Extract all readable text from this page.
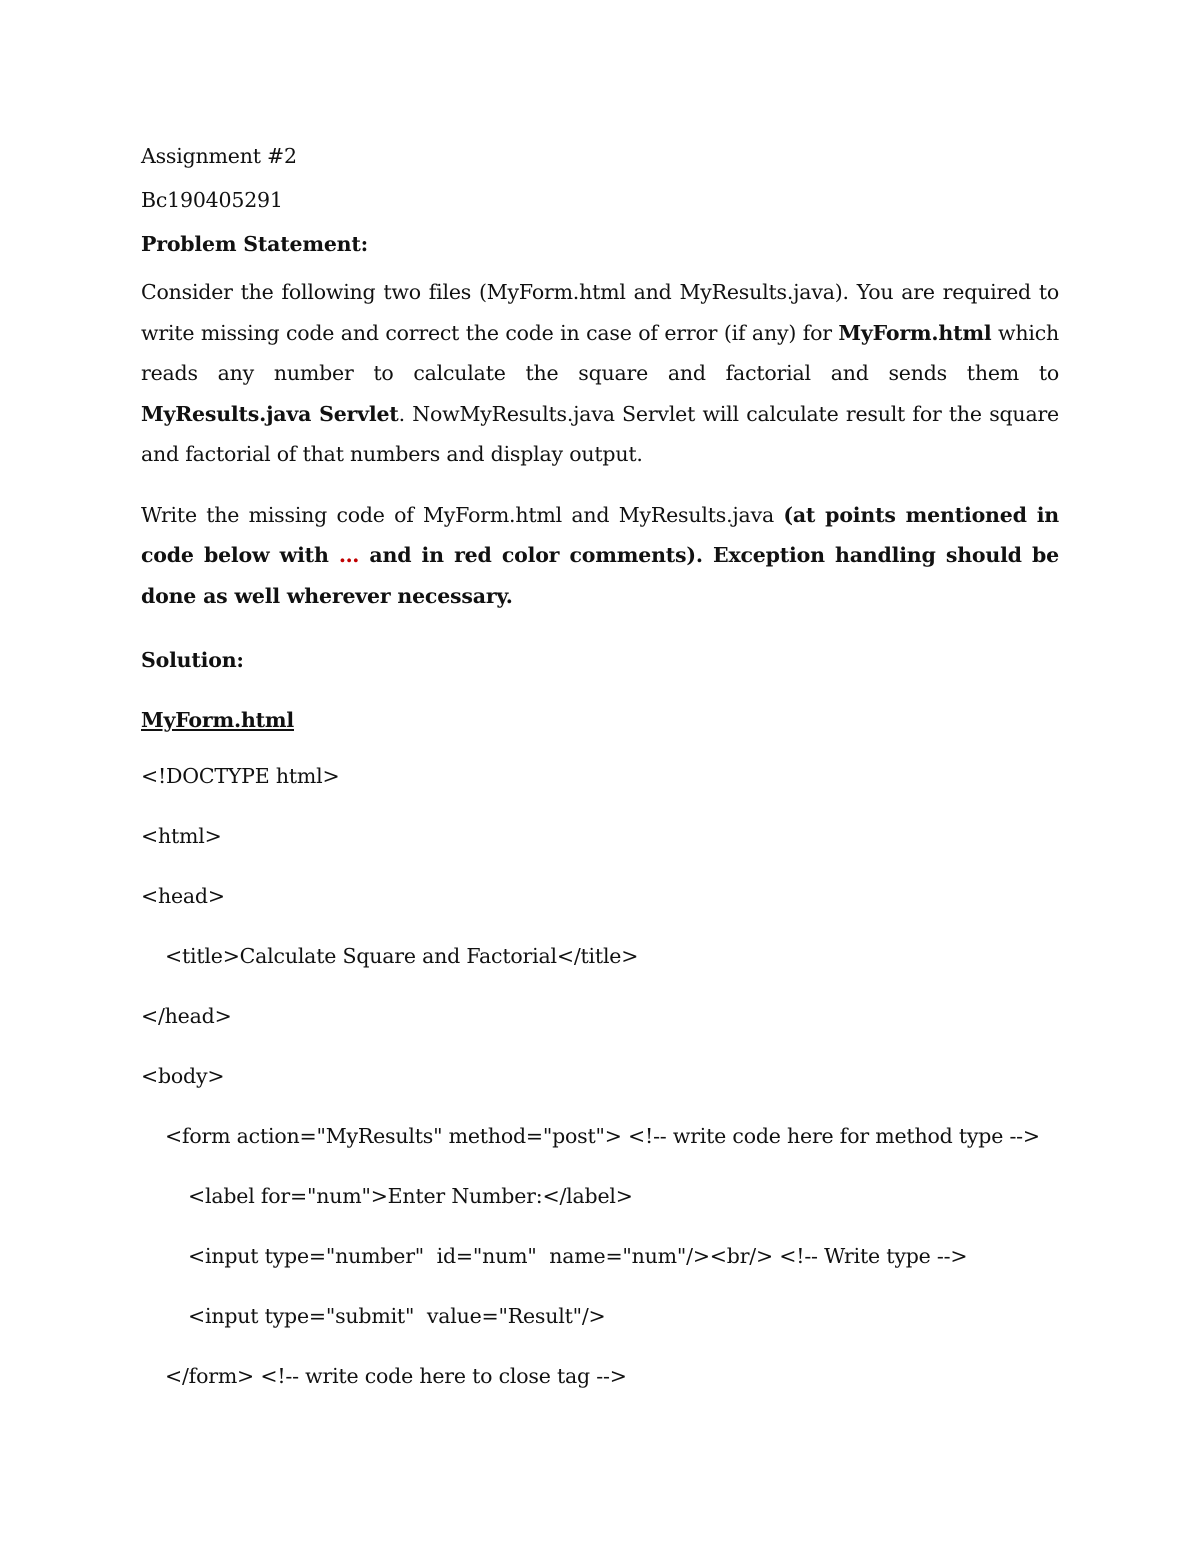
Assignment #2

Bc190405291

Problem Statement:

Consider the following two files (MyForm.html and MyResults.java). You are required to write missing code and correct the code in case of error (if any) for MyForm.html which reads any number to calculate the square and factorial and sends them to MyResults.java Servlet. NowMyResults.java Servlet will calculate result for the square and factorial of that numbers and display output.

Write the missing code of MyForm.html and MyResults.java (at points mentioned in code below with … and in red color comments). Exception handling should be done as well wherever necessary.

Solution:

MyForm.html

<!DOCTYPE html>

<html>

<head>

<title>Calculate Square and Factorial</title>

</head>

<body>

<form action="MyResults" method="post"> <!-- write code here for method type -->

<label for="num">Enter Number:</label>

<input type="number"  id="num"  name="num"/><br/> <!-- Write type -->

<input type="submit"  value="Result"/>

</form> <!-- write code here to close tag -->
